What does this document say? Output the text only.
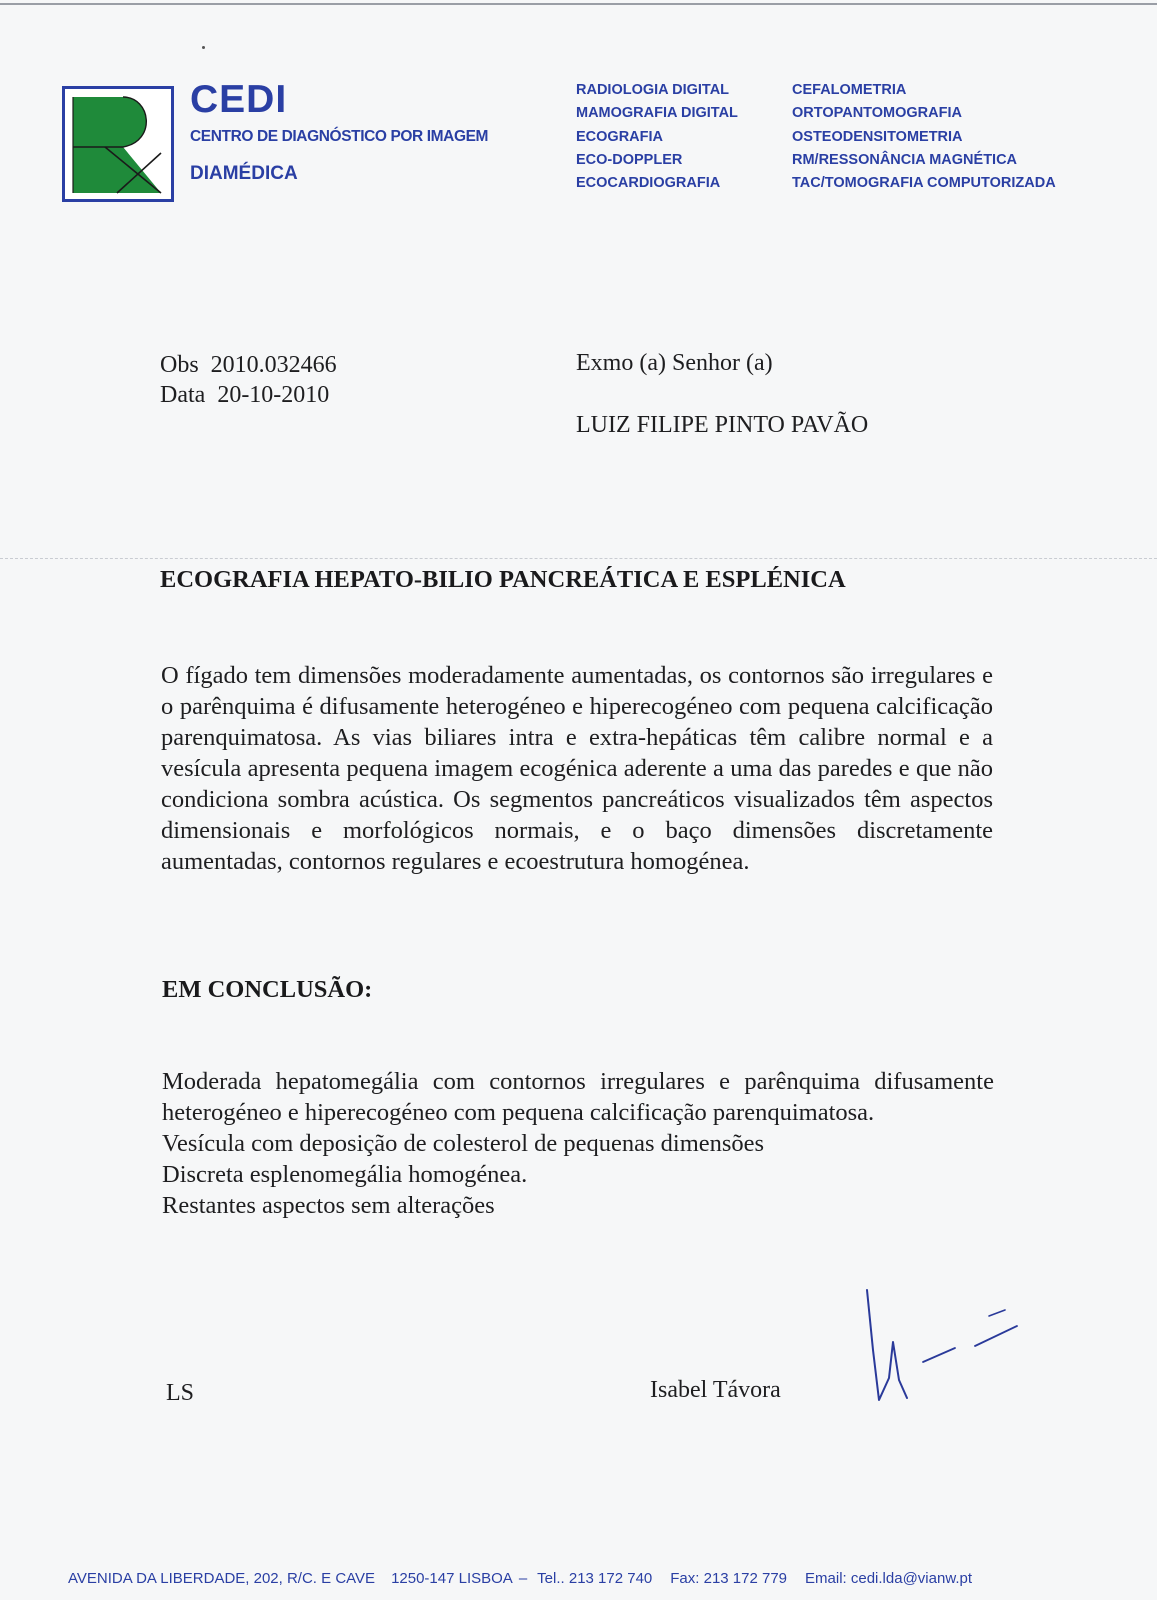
CEDI
CENTRO DE DIAGNÓSTICO POR IMAGEM
DIAMÉDICA
RADIOLOGIA DIGITAL
MAMOGRAFIA DIGITAL
ECOGRAFIA
ECO-DOPPLER
ECOCARDIOGRAFIA
CEFALOMETRIA
ORTOPANTOMOGRAFIA
OSTEODENSITOMETRIA
RM/RESSONÂNCIA MAGNÉTICA
TAC/TOMOGRAFIA COMPUTORIZADA
Obs 2010.032466
Data 20-10-2010
Exmo (a) Senhor (a)
LUIZ FILIPE PINTO PAVÃO
ECOGRAFIA HEPATO-BILIO PANCREÁTICA E ESPLÉNICA

O fígado tem dimensões moderadamente aumentadas, os contornos são irregulares e o parênquima é difusamente heterogéneo e hiperecogéneo com pequena calcificação parenquimatosa. As vias biliares intra e extra-hepáticas têm calibre normal e a vesícula apresenta pequena imagem ecogénica aderente a uma das paredes e que não condiciona sombra acústica. Os segmentos pancreáticos visualizados têm aspectos dimensionais e morfológicos normais, e o baço dimensões discretamente aumentadas, contornos regulares e ecoestrutura homogénea.

EM CONCLUSÃO:

Moderada hepatomegália com contornos irregulares e parênquima difusamente heterogéneo e hiperecogéneo com pequena calcificação parenquimatosa.

Vesícula com deposição de colesterol de pequenas dimensões

Discreta esplenomegália homogénea.

Restantes aspectos sem alterações

LS	Isabel Távora
AVENIDA DA LIBERDADE, 202, R/C. E CAVE 1250-147 LISBOA – Tel.. 213 172 740 Fax: 213 172 779 Email: cedi.lda@vianw.pt
